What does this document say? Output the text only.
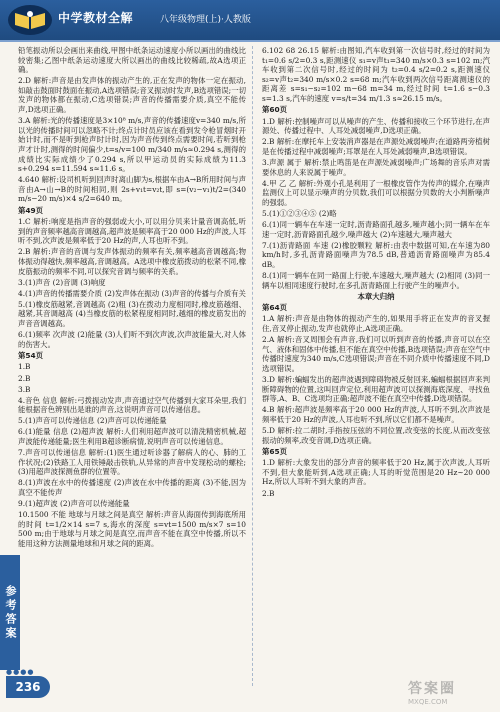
中学教材全解	八年级物理(上)·人教版

铅笔振动所以会画出来曲线,甲图中纸条运动速度小所以画出的曲线比较密集;乙图中纸条运动速度大所以画出的曲线比较稀疏,故A选项正确。

2.D 解析:声音是由发声体的振动产生的,正在发声的物体一定在振动,如敲击鼓面时鼓面在振动,A选项错误;音叉振动时发声,B选项错误;一切发声的物体都在振动,C选项错误;声音的传播需要介质,真空不能传声,D选项正确。

3.A 解析:光的传播速度是3×10⁸ m/s,声音的传播速度v=340 m/s,所以光的传播时间可以忽略不计;终点计时员应该在看到发令枪冒烟时开始计时,而不是听到枪声时计时,因为声音传到终点需要时间,若听到枪声才计时,测得的时间偏少,t=s/v=100 m/340 m/s≈0.294 s,测得的成绩比实际成绩少了0.294 s,所以甲运动员的实际成绩为11.3 s+0.294 s=11.594 s≈11.6 s。

4.640 解析:设司机听到回声时离山脚为s,根据车由A→B所用时间与声音由A→山→B的时间相同,则 2s+v₁t=v₂t,即 s=(v₂−v₁)t/2=(340 m/s−20 m/s)×4 s/2=640 m。

第49页

1.C 解析:响度是指声音的强弱或大小,可以用分贝来计量音调高低,听到的声音频率越高音调越高,超声波是频率高于20 000 Hz的声波,人耳听不到,次声波是频率低于20 Hz的声,人耳也听不到。

2.B 解析:声音的音调与发声体振动的频率有关,频率越高音调越高;物体振动得越快,频率越高,音调越高。A选项中橡皮筋拨动的松紧不同,橡皮筋振动的频率不同,可以探究音调与频率的关系。

3.(1)声音 (2)音调 (3)响度

4.(1)声音的传播需要介质 (2)发声体在振动 (3)声音的传播与介质有关

5.(1)橡皮筋越紧,音调越高 (2)粗 (3)在拨动力度相同时,橡皮筋越细、越紧,其音调越高 (4)当橡皮筋的松紧程度相同时,越细的橡皮筋发出的声音音调越高。

6.(1)频率 次声波 (2)能量 (3)人们听不到次声波,次声波能量大,对人体的伤害大。

第54页

1.B

2.B

3.B

4.音色 信息 解析:弓拨振动发声,声音通过空气传播到大家耳朵里,我们能根据音色辨别出是谁的声音,这说明声音可以传递信息。

5.(1)声音可以传递信息 (2)声音可以传递能量

6.(1)能量 信息 (2)超声波 解析:人们利用超声波可以清洗精密机械,超声波能传递能量;医生利用B超诊断病情,说明声音可以传递信息。

7.声音可以传递信息 解析:(1)医生通过听诊器了解病人的心、肺的工作状况;(2)铁路工人用铁锤敲击铁轨,从异常的声音中发现松动的螺栓;(3)用超声波探测鱼群的位置等。

8.(1)声波在水中的传播速度 (2)声波在水中传播的距离 (3)不能,因为真空不能传声

9.(1)超声波 (2)声音可以传递能量

10.1500 不能 地球与月球之间是真空 解析:声音从海面传到海底所用的时间 t=1/2×14 s=7 s,海水的深度 s=vt=1500 m/s×7 s=10 500 m;由于地球与月球之间是真空,而声音不能在真空中传播,所以不能用这种方法测量地球和月球之间的距离。

6.102 68 26.15 解析:由图知,汽车收到第一次信号时,经过的时间为 t₁=0.6 s/2=0.3 s,距测速仪 s₁=v声t₁=340 m/s×0.3 s=102 m;汽车收到第二次信号时,经过的时间为 t₂=0.4 s/2=0.2 s,距测速仪 s₂=v声t₂=340 m/s×0.2 s=68 m;汽车收到两次信号距离测速仪的距离差 s=s₁−s₂=102 m−68 m=34 m,经过时间 t=1.6 s−0.3 s=1.3 s,汽车的速度 v=s/t=34 m/1.3 s≈26.15 m/s。

第60页

1.D 解析:控制噪声可以从噪声的产生、传播和接收三个环节进行,在声源处、传播过程中、人耳处减弱噪声,D选项正确。

2.B 解析:在摩托车上安装消声器是在声源处减弱噪声;在道路两旁植树是在传播过程中减弱噪声;耳罩是在人耳处减弱噪声,B选项错误。

3.声源 属于 解析:禁止鸣笛是在声源处减弱噪声;广场舞的音乐声对需要休息的人来说属于噪声。

4.甲 乙 乙 解析:外观小孔是利用了一根橡皮管作为传声的媒介,在噪声监测仪上可以显示噪声的分贝数,我们可以根据分贝数的大小判断噪声的强弱。

5.(1)①②③④⑤ (2)略

6.(1)同一辆车在车速一定时,沥青路面孔越多,噪声越小;同一辆车在车速一定时,沥青路面孔越少,噪声越大 (2)车速越大,噪声越大

7.(1)沥青路面 车速 (2)橡胶颗粒 解析:由表中数据可知,在车速为80 km/h时,多孔沥青路面噪声为78.5 dB,普通沥青路面噪声为85.4 dB。

8.(1)同一辆车在同一路面上行驶,车速越大,噪声越大 (2)相同 (3)同一辆车以相同速度行驶时,在多孔沥青路面上行驶产生的噪声小。

本章大归纳

第64页

1.A 解析:声音是由物体的振动产生的,如果用手将正在发声的音叉握住,音叉停止振动,发声也就停止,A选项正确。

2.A 解析:音叉周围会有声音,我们可以听到声音的传播,声音可以在空气、液体和固体中传播,但不能在真空中传播,B选项错误;声音在空气中传播时速度为340 m/s,C选项错误;声音在不同介质中传播速度不同,D选项错误。

3.D 解析:蝙蝠发出的超声波遇到障碍物被反射回来,蝙蝠根据回声来判断障碍物的位置,这叫回声定位,利用超声波可以探测海底深度、寻找鱼群等,A、B、C选项均正确;超声波不能在真空中传播,D选项错误。

4.B 解析:超声波是频率高于20 000 Hz的声波,人耳听不到,次声波是频率低于20 Hz的声波,人耳也听不到,所以它们都不是噪声。

5.D 解析:拉二胡时,手指按压弦的不同位置,改变弦的长度,从而改变弦振动的频率,改变音调,D选项正确。

第65页

1.D 解析:大象发出的部分声音的频率低于20 Hz,属于次声波,人耳听不到,但大象能听到,A选项正确;人耳的听觉范围是20 Hz~20 000 Hz,所以人耳听不到大象的声音。

2.B

参考答案
●●●●
236	答案圈
MXQE.COM
